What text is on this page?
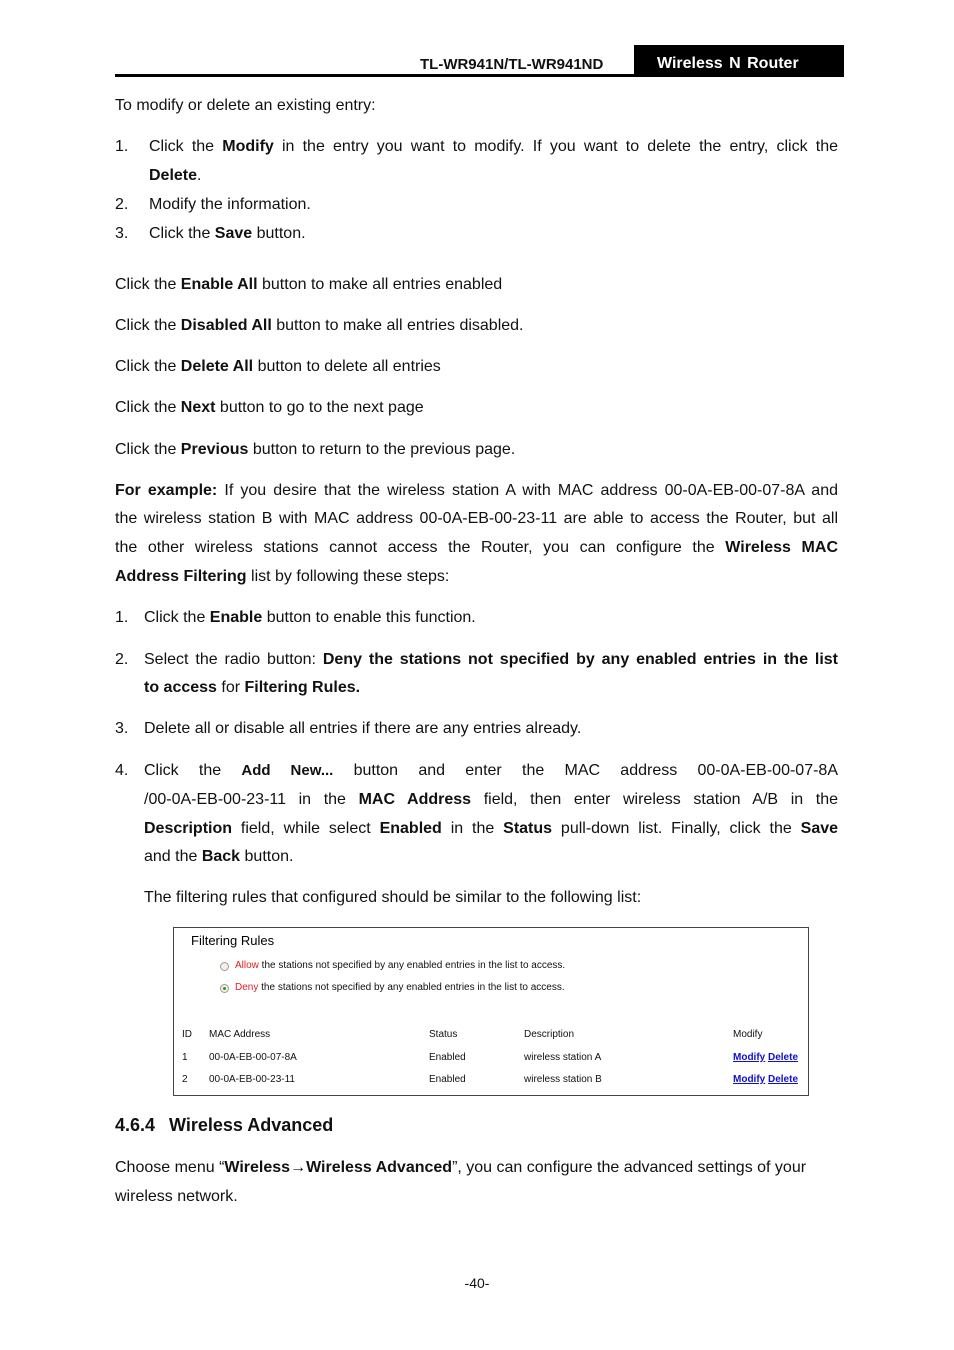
TL-WR941N/TL-WR941ND	Wireless N Router
To modify or delete an existing entry:
1. Click the Modify in the entry you want to modify. If you want to delete the entry, click the
Delete.
2. Modify the information.
3. Click the Save button.
Click the Enable All button to make all entries enabled
Click the Disabled All button to make all entries disabled.
Click the Delete All button to delete all entries
Click the Next button to go to the next page
Click the Previous button to return to the previous page.
For example: If you desire that the wireless station A with MAC address 00-0A-EB-00-07-8A and
the wireless station B with MAC address 00-0A-EB-00-23-11 are able to access the Router, but all
the other wireless stations cannot access the Router, you can configure the Wireless MAC
Address Filtering list by following these steps:
1. Click the Enable button to enable this function.
2. Select the radio button: Deny the stations not specified by any enabled entries in the list
to access for Filtering Rules.
3. Delete all or disable all entries if there are any entries already.
4. Click the Add New... button and enter the MAC address 00-0A-EB-00-07-8A
/00-0A-EB-00-23-11 in the MAC Address field, then enter wireless station A/B in the
Description field, while select Enabled in the Status pull-down list. Finally, click the Save
and the Back button.
The filtering rules that configured should be similar to the following list:
Filtering Rules
Allow the stations not specified by any enabled entries in the list to access.
Deny the stations not specified by any enabled entries in the list to access.
ID MAC Address	Status	Description	Modify
1 00-0A-EB-00-07-8A	Enabled	wireless station A	Modify Delete
2 00-0A-EB-00-23-11	Enabled	wireless station B	Modify Delete
4.6.4 Wireless Advanced
Choose menu “Wireless→Wireless Advanced”, you can configure the advanced settings of your
wireless network.
-40-
